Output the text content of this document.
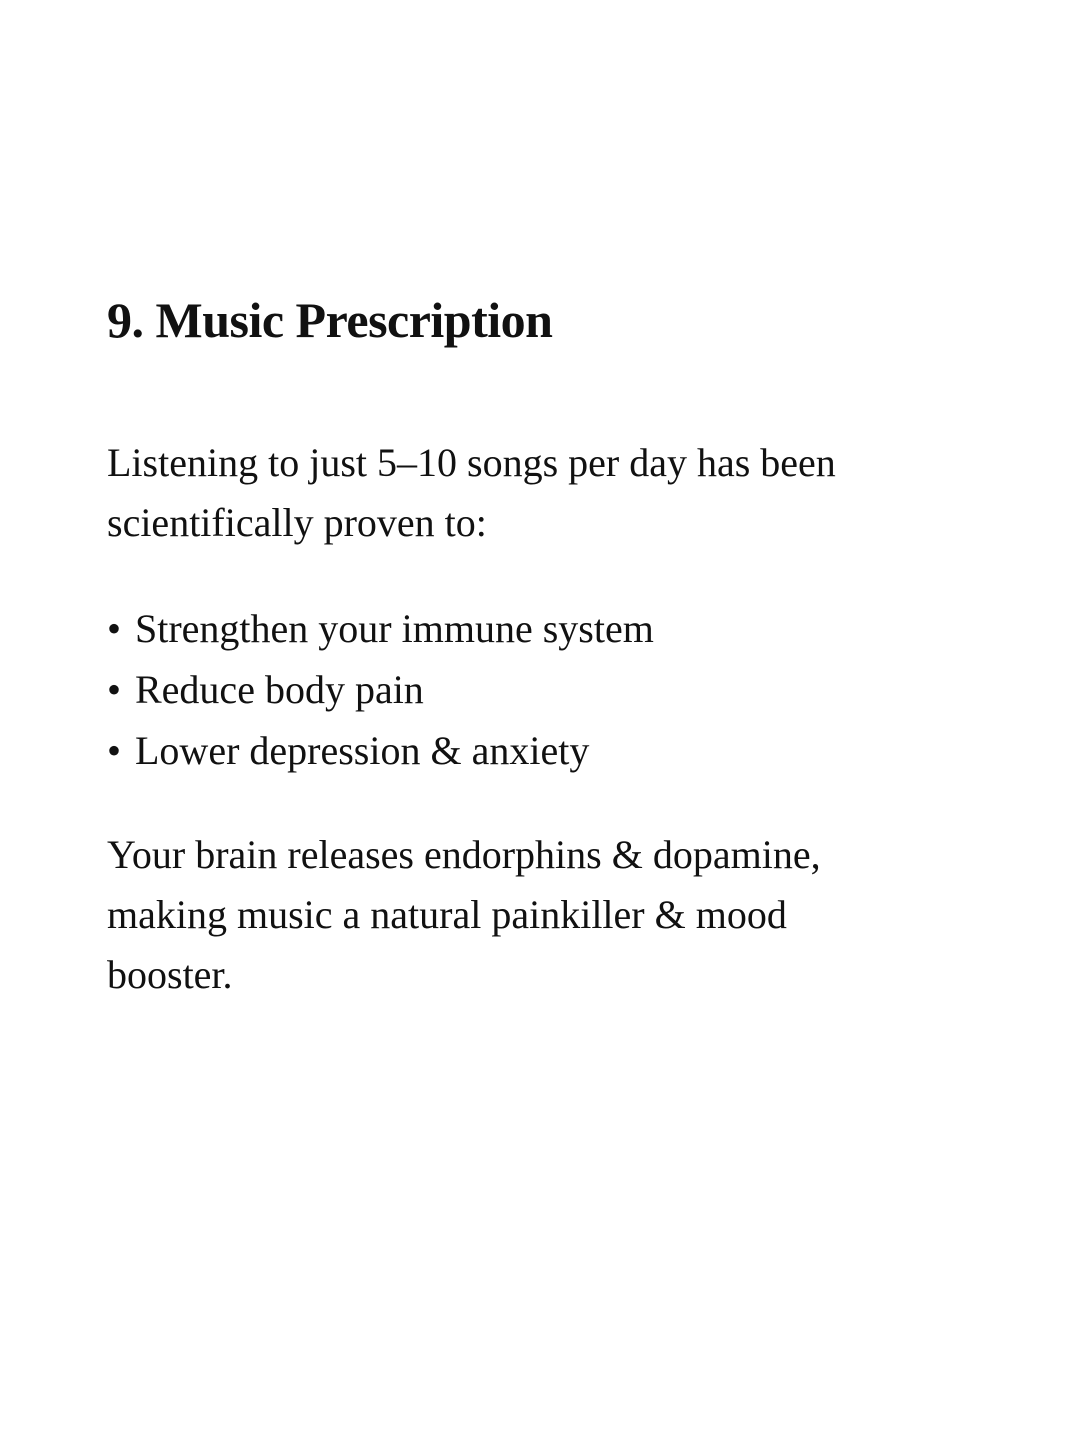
9. Music Prescription

Listening to just 5–10 songs per day has been
scientifically proven to:

• Strengthen your immune system
• Reduce body pain
• Lower depression & anxiety

Your brain releases endorphins & dopamine,
making music a natural painkiller & mood
booster.
